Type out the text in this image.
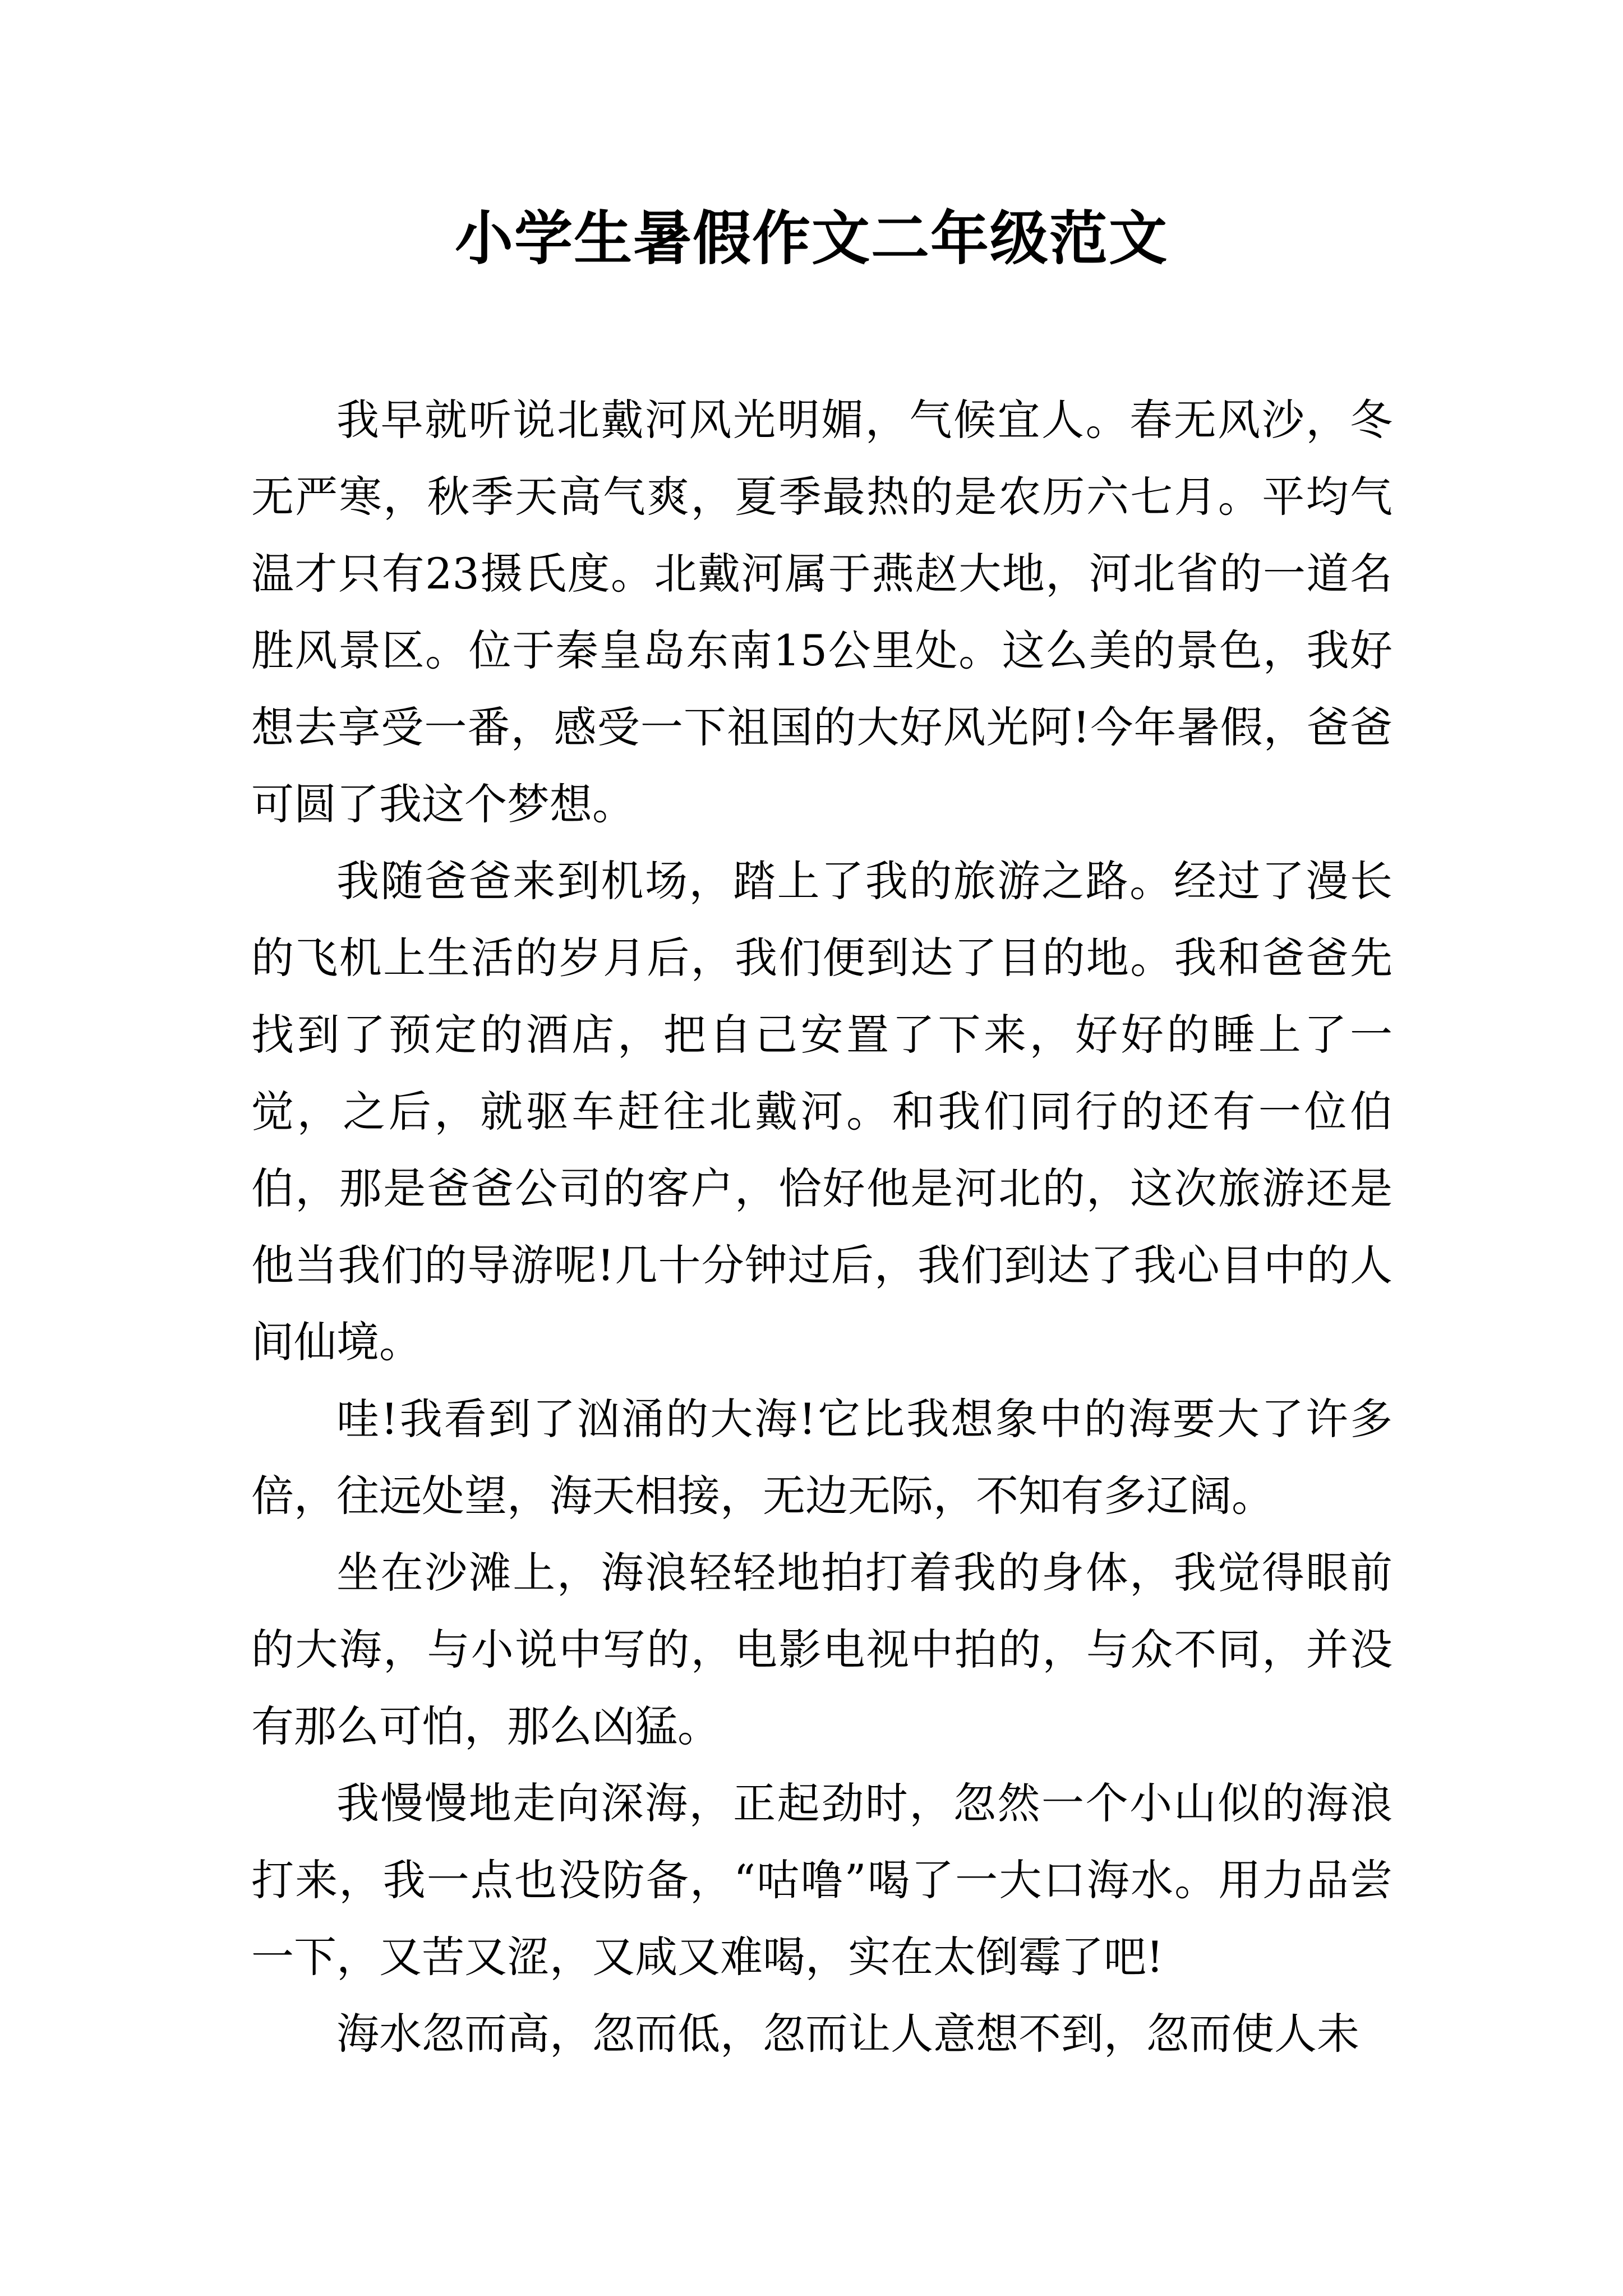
小学生暑假作文二年级范文

我早就听说北戴河风光明媚，气候宜人。春无风沙，冬无严寒，秋季天高气爽，夏季最热的是农历六七月。平均气温才只有23摄氏度。北戴河属于燕赵大地，河北省的一道名胜风景区。位于秦皇岛东南15公里处。这么美的景色，我好想去享受一番，感受一下祖国的大好风光阿!今年暑假，爸爸可圆了我这个梦想。

我随爸爸来到机场，踏上了我的旅游之路。经过了漫长的飞机上生活的岁月后，我们便到达了目的地。我和爸爸先找到了预定的酒店，把自己安置了下来，好好的睡上了一觉，之后，就驱车赶往北戴河。和我们同行的还有一位伯伯，那是爸爸公司的客户，恰好他是河北的，这次旅游还是他当我们的导游呢!几十分钟过后，我们到达了我心目中的人间仙境。

哇!我看到了汹涌的大海!它比我想象中的海要大了许多倍，往远处望，海天相接，无边无际，不知有多辽阔。

坐在沙滩上，海浪轻轻地拍打着我的身体，我觉得眼前的大海，与小说中写的，电影电视中拍的，与众不同，并没有那么可怕，那么凶猛。

我慢慢地走向深海，正起劲时，忽然一个小山似的海浪打来，我一点也没防备，“咕噜”喝了一大口海水。用力品尝一下，又苦又涩，又咸又难喝，实在太倒霉了吧!

海水忽而高，忽而低，忽而让人意想不到，忽而使人未
